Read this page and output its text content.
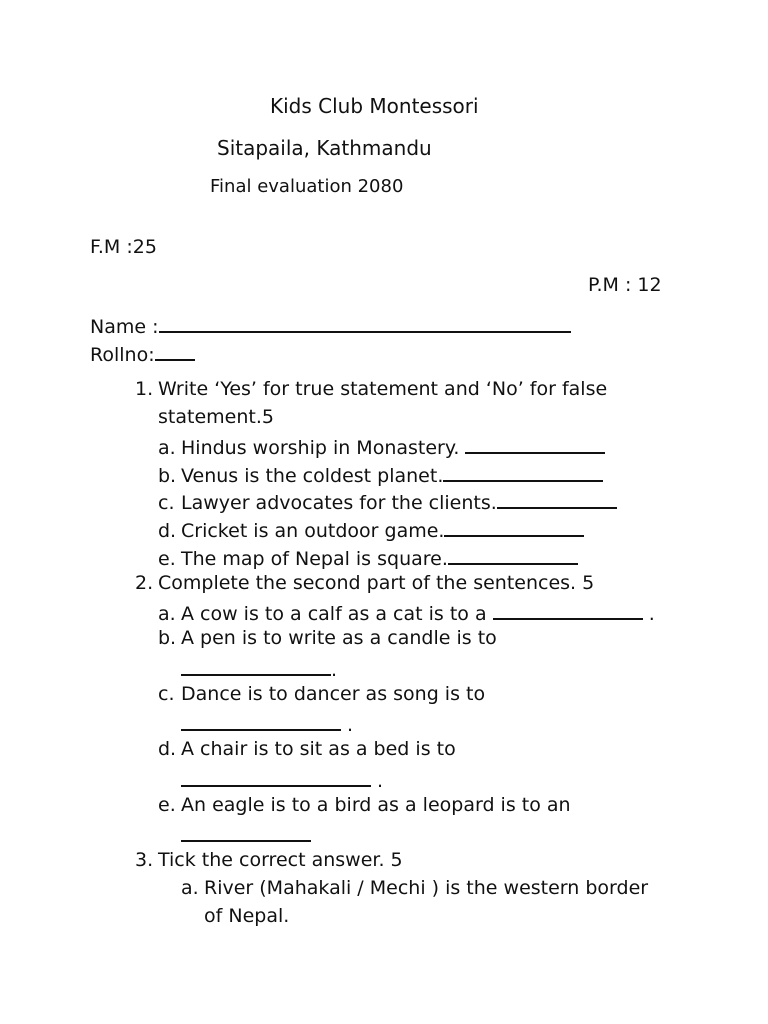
Kids Club Montessori
Sitapaila, Kathmandu
Final evaluation 2080
F.M :25
P.M : 12
Name :
Rollno:
1. Write ‘Yes’ for true statement and ‘No’ for false
statement.5
a. Hindus worship in Monastery.
b. Venus is the coldest planet.
c. Lawyer advocates for the clients.
d. Cricket is an outdoor game.
e. The map of Nepal is square.
2. Complete the second part of the sentences. 5
a. A cow is to a calf as a cat is to a	.
b. A pen is to write as a candle is to
.
c. Dance is to dancer as song is to
.
d. A chair is to sit as a bed is to
.
e. An eagle is to a bird as a leopard is to an
3. Tick the correct answer. 5
a. River (Mahakali / Mechi ) is the western border
of Nepal.
